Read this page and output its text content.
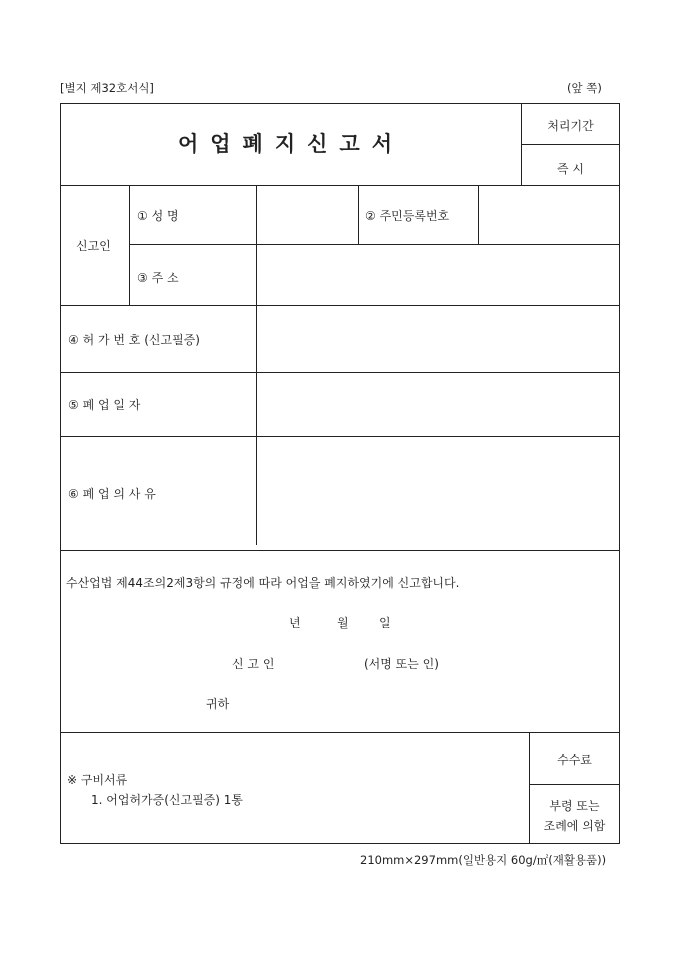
[별지 제32호서식]	(앞 쪽)
어업폐지신고서
처리기간
즉 시
신고인
① 성 명	② 주민등록번호
③ 주 소
④ 허 가 번 호 (신고필증)
⑤ 폐 업 일 자
⑥ 폐 업 의 사 유
수산업법 제44조의2제3항의 규정에 따라 어업을 폐지하였기에 신고합니다.
년	월	일
신 고 인	(서명 또는 인)
귀하
※ 구비서류
1. 어업허가증(신고필증) 1통
수수료
부령 또는
조례에 의함
210mm×297mm(일반용지 60g/㎡(재활용품))
